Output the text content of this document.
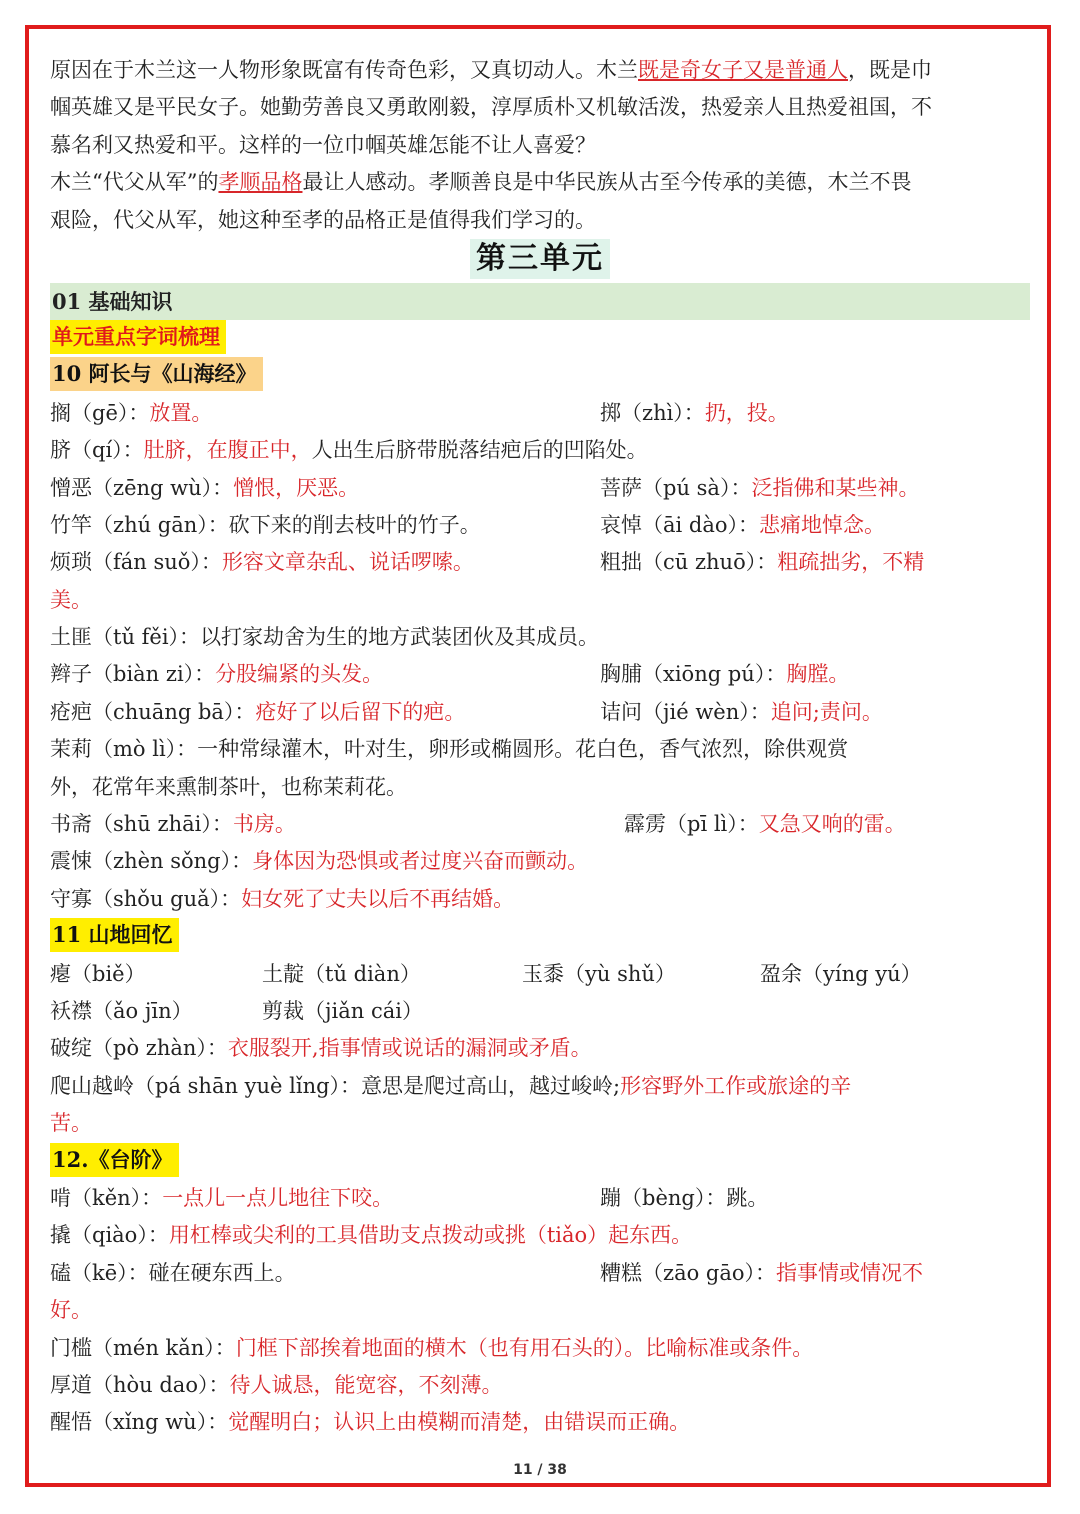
原因在于木兰这一人物形象既富有传奇色彩，又真切动人。木兰既是奇女子又是普通人，既是巾
帼英雄又是平民女子。她勤劳善良又勇敢刚毅，淳厚质朴又机敏活泼，热爱亲人且热爱祖国，不
慕名利又热爱和平。这样的一位巾帼英雄怎能不让人喜爱？
木兰“代父从军”的孝顺品格最让人感动。孝顺善良是中华民族从古至今传承的美德，木兰不畏
艰险，代父从军，她这种至孝的品格正是值得我们学习的。
第三单元
01 基础知识
单元重点字词梳理
10 阿长与《山海经》
搁（gē）：放置。	掷（zhì）：扔，投。
脐（qí）：肚脐，在腹正中，人出生后脐带脱落结疤后的凹陷处。
憎恶（zēng wù）：憎恨，厌恶。	菩萨（pú sà）：泛指佛和某些神。
竹竿（zhú gān）：砍下来的削去枝叶的竹子。	哀悼（āi dào）：悲痛地悼念。
烦琐（fán suǒ）：形容文章杂乱、说话啰嗦。	粗拙（cū zhuō）：粗疏拙劣，不精
美。
土匪（tǔ fěi）：以打家劫舍为生的地方武装团伙及其成员。
辫子（biàn zi）：分股编紧的头发。	胸脯（xiōng pú）：胸膛。
疮疤（chuāng bā）：疮好了以后留下的疤。	诘问（jié wèn）：追问;责问。
茉莉（mò lì）：一种常绿灌木，叶对生，卵形或椭圆形。花白色，香气浓烈，除供观赏
外，花常年来熏制茶叶，也称茉莉花。
书斋（shū zhāi）：书房。	霹雳（pī lì）：又急又响的雷。
震悚（zhèn sǒng）：身体因为恐惧或者过度兴奋而颤动。
守寡（shǒu guǎ）：妇女死了丈夫以后不再结婚。
11 山地回忆
瘪（biě）	土靛（tǔ diàn）	玉黍（yù shǔ）	盈余（yíng yú）
袄襟（ǎo jīn）	剪裁（jiǎn cái）
破绽（pò zhàn）：衣服裂开,指事情或说话的漏洞或矛盾。
爬山越岭（pá shān yuè lǐng）：意思是爬过高山，越过峻岭;形容野外工作或旅途的辛
苦。
12.《台阶》
啃（kěn）：一点儿一点儿地往下咬。	蹦（bèng）：跳。
撬（qiào）：用杠棒或尖利的工具借助支点拨动或挑（tiǎo）起东西。
磕（kē）：碰在硬东西上。	糟糕（zāo gāo）：指事情或情况不
好。
门槛（mén kǎn）：门框下部挨着地面的横木（也有用石头的）。比喻标准或条件。
厚道（hòu dao）：待人诚恳，能宽容，不刻薄。
醒悟（xǐng wù）：觉醒明白；认识上由模糊而清楚，由错误而正确。
11 / 38
